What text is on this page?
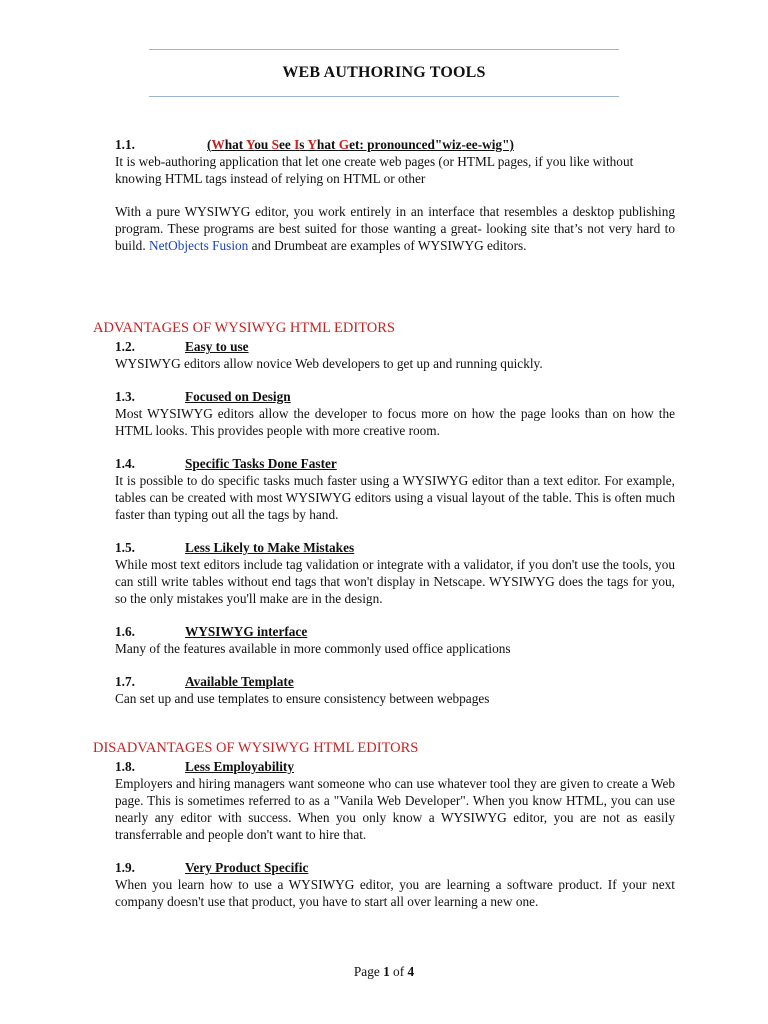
WEB AUTHORING TOOLS
1.1.	(What You See Is Yhat Get: pronounced"wiz-ee-wig")

It is web-authoring application that let one create web pages (or HTML pages, if you like without knowing HTML tags instead of relying on HTML or other

With a pure WYSIWYG editor, you work entirely in an interface that resembles a desktop publishing program. These programs are best suited for those wanting a great- looking site that’s not very hard to build. NetObjects Fusion and Drumbeat are examples of WYSIWYG editors.

ADVANTAGES OF WYSIWYG HTML EDITORS
1.2.	Easy to use

WYSIWYG editors allow novice Web developers to get up and running quickly.

1.3.	Focused on Design

Most WYSIWYG editors allow the developer to focus more on how the page looks than on how the HTML looks. This provides people with more creative room.

1.4.	Specific Tasks Done Faster

It is possible to do specific tasks much faster using a WYSIWYG editor than a text editor. For example, tables can be created with most WYSIWYG editors using a visual layout of the table. This is often much faster than typing out all the tags by hand.

1.5.	Less Likely to Make Mistakes

While most text editors include tag validation or integrate with a validator, if you don't use the tools, you can still write tables without end tags that won't display in Netscape. WYSIWYG does the tags for you, so the only mistakes you'll make are in the design.

1.6.	WYSIWYG interface

Many of the features available in more commonly used office applications

1.7.	Available Template

Can set up and use templates to ensure consistency between webpages

DISADVANTAGES OF WYSIWYG HTML EDITORS
1.8.	Less Employability

Employers and hiring managers want someone who can use whatever tool they are given to create a Web page. This is sometimes referred to as a "Vanila Web Developer". When you know HTML, you can use nearly any editor with success. When you only know a WYSIWYG editor, you are not as easily transferrable and people don't want to hire that.

1.9.	Very Product Specific

When you learn how to use a WYSIWYG editor, you are learning a software product. If your next company doesn't use that product, you have to start all over learning a new one.

Page 1 of 4
